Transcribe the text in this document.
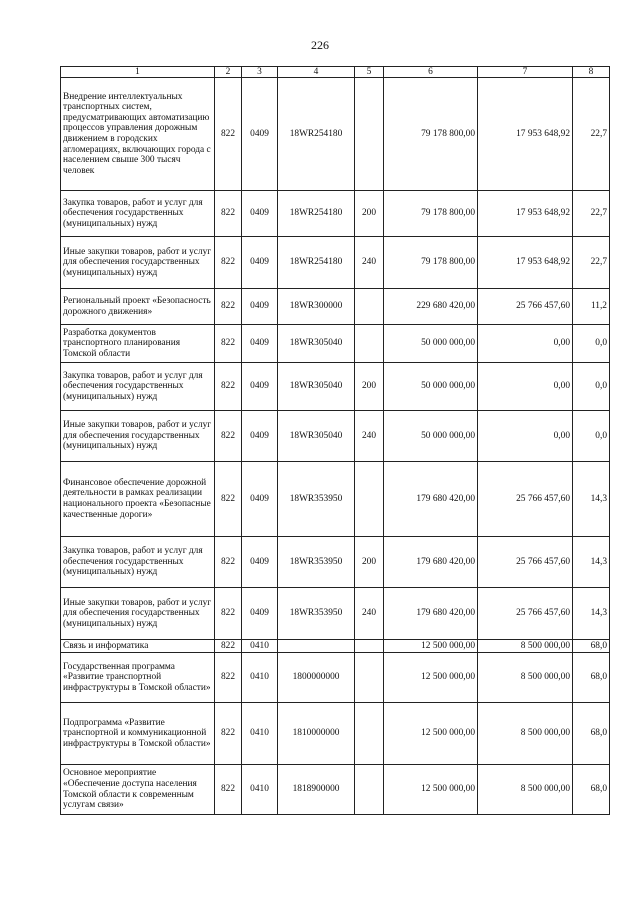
226
1	2	3	4	5	6	7	8
Внедрение интеллектуальных транспортных систем, предусматривающих автоматизацию процессов управления дорожным движением в городских агломерациях, включающих города с населением свыше 300 тысяч человек	822	0409	18WR254180		79 178 800,00	17 953 648,92	22,7
Закупка товаров, работ и услуг для обеспечения государственных (муниципальных) нужд	822	0409	18WR254180	200	79 178 800,00	17 953 648,92	22,7
Иные закупки товаров, работ и услуг для обеспечения государственных (муниципальных) нужд	822	0409	18WR254180	240	79 178 800,00	17 953 648,92	22,7
Региональный проект «Безопасность дорожного движения»	822	0409	18WR300000		229 680 420,00	25 766 457,60	11,2
Разработка документов транспортного планирования Томской области	822	0409	18WR305040		50 000 000,00	0,00	0,0
Закупка товаров, работ и услуг для обеспечения государственных (муниципальных) нужд	822	0409	18WR305040	200	50 000 000,00	0,00	0,0
Иные закупки товаров, работ и услуг для обеспечения государственных (муниципальных) нужд	822	0409	18WR305040	240	50 000 000,00	0,00	0,0
Финансовое обеспечение дорожной деятельности в рамках реализации национального проекта «Безопасные качественные дороги»	822	0409	18WR353950		179 680 420,00	25 766 457,60	14,3
Закупка товаров, работ и услуг для обеспечения государственных (муниципальных) нужд	822	0409	18WR353950	200	179 680 420,00	25 766 457,60	14,3
Иные закупки товаров, работ и услуг для обеспечения государственных (муниципальных) нужд	822	0409	18WR353950	240	179 680 420,00	25 766 457,60	14,3
Связь и информатика	822	0410			12 500 000,00	8 500 000,00	68,0
Государственная программа «Развитие транспортной инфраструктуры в Томской области»	822	0410	1800000000		12 500 000,00	8 500 000,00	68,0
Подпрограмма «Развитие транспортной и коммуникационной инфраструктуры в Томской области»	822	0410	1810000000		12 500 000,00	8 500 000,00	68,0
Основное мероприятие «Обеспечение доступа населения Томской области к современным услугам связи»	822	0410	1818900000		12 500 000,00	8 500 000,00	68,0
